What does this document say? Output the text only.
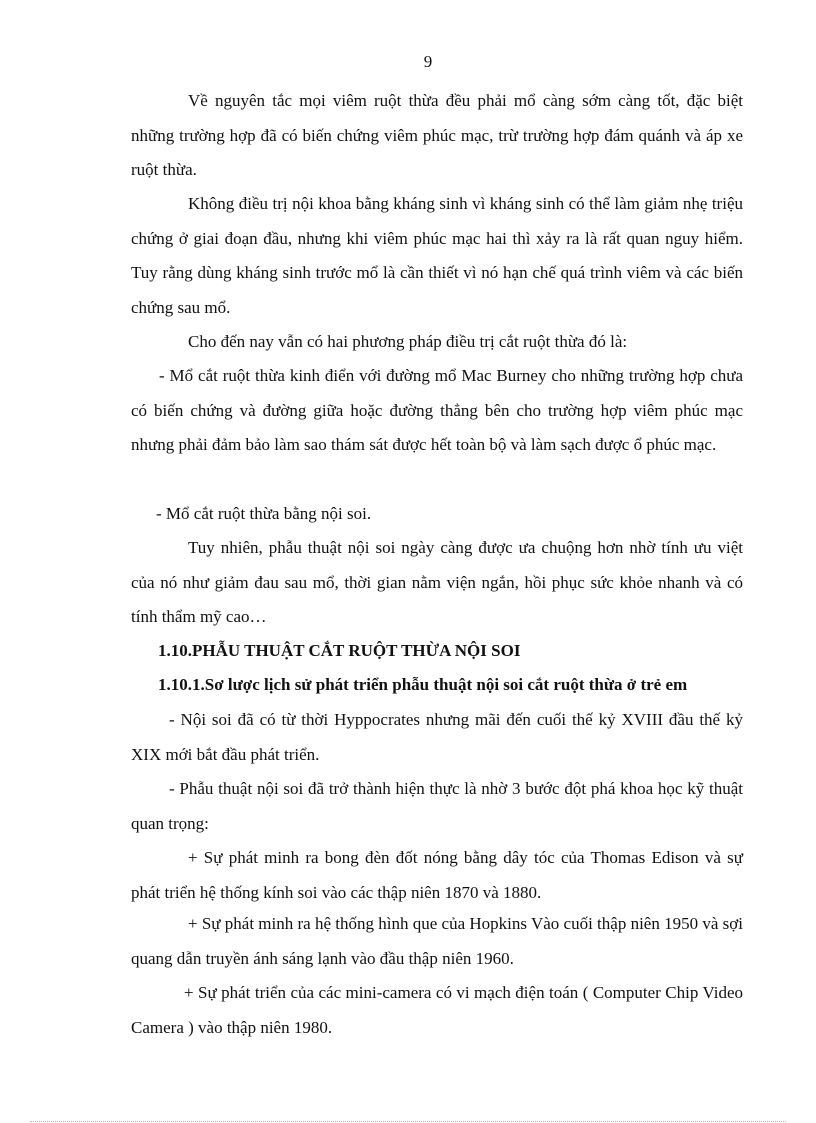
9

Về nguyên tắc mọi viêm ruột thừa đều phải mổ càng sớm càng tốt, đặc biệt những trường hợp đã có biến chứng viêm phúc mạc, trừ trường hợp đám quánh và áp xe ruột thừa.

Không điều trị nội khoa bằng kháng sinh vì kháng sinh có thể làm giảm nhẹ triệu chứng ở giai đoạn đầu, nhưng khi viêm phúc mạc hai thì xảy ra là rất quan nguy hiểm. Tuy rằng dùng kháng sinh trước mổ là cần thiết vì nó hạn chế quá trình viêm và các biến chứng sau mổ.

Cho đến nay vẫn có hai phương pháp điều trị cắt ruột thừa đó là:

- Mổ cắt ruột thừa kinh điển với đường mổ Mac Burney cho những trường hợp chưa có biến chứng và đường giữa hoặc đường thẳng bên cho trường hợp viêm phúc mạc nhưng phải đảm bảo làm sao thám sát được hết toàn bộ và làm sạch được ổ phúc mạc.

- Mổ cắt ruột thừa bằng nội soi.

Tuy nhiên, phẫu thuật nội soi ngày càng được ưa chuộng hơn nhờ tính ưu việt của nó như giảm đau sau mổ, thời gian nằm viện ngắn, hồi phục sức khỏe nhanh và có tính thẩm mỹ cao…

1.10.PHẪU THUẬT CẮT RUỘT THỪA NỘI SOI
1.10.1.Sơ lược lịch sử phát triển phẫu thuật nội soi cắt ruột thừa ở trẻ em

- Nội soi đã có từ thời Hyppocrates nhưng mãi đến cuối thế kỷ XVIII đầu thế kỷ XIX mới bắt đầu phát triển.

- Phẫu thuật nội soi đã trở thành hiện thực là nhờ 3 bước đột phá khoa học kỹ thuật quan trọng:

+ Sự phát minh ra bong đèn đốt nóng bằng dây tóc của Thomas Edison và sự phát triển hệ thống kính soi vào các thập niên 1870 và 1880.

+ Sự phát minh ra hệ thống hình que của Hopkins Vào cuối thập niên 1950 và sợi quang dẫn truyền ánh sáng lạnh vào đầu thập niên 1960.

+ Sự phát triển của các mini-camera có vi mạch điện toán ( Computer Chip Video Camera ) vào thập niên 1980.
